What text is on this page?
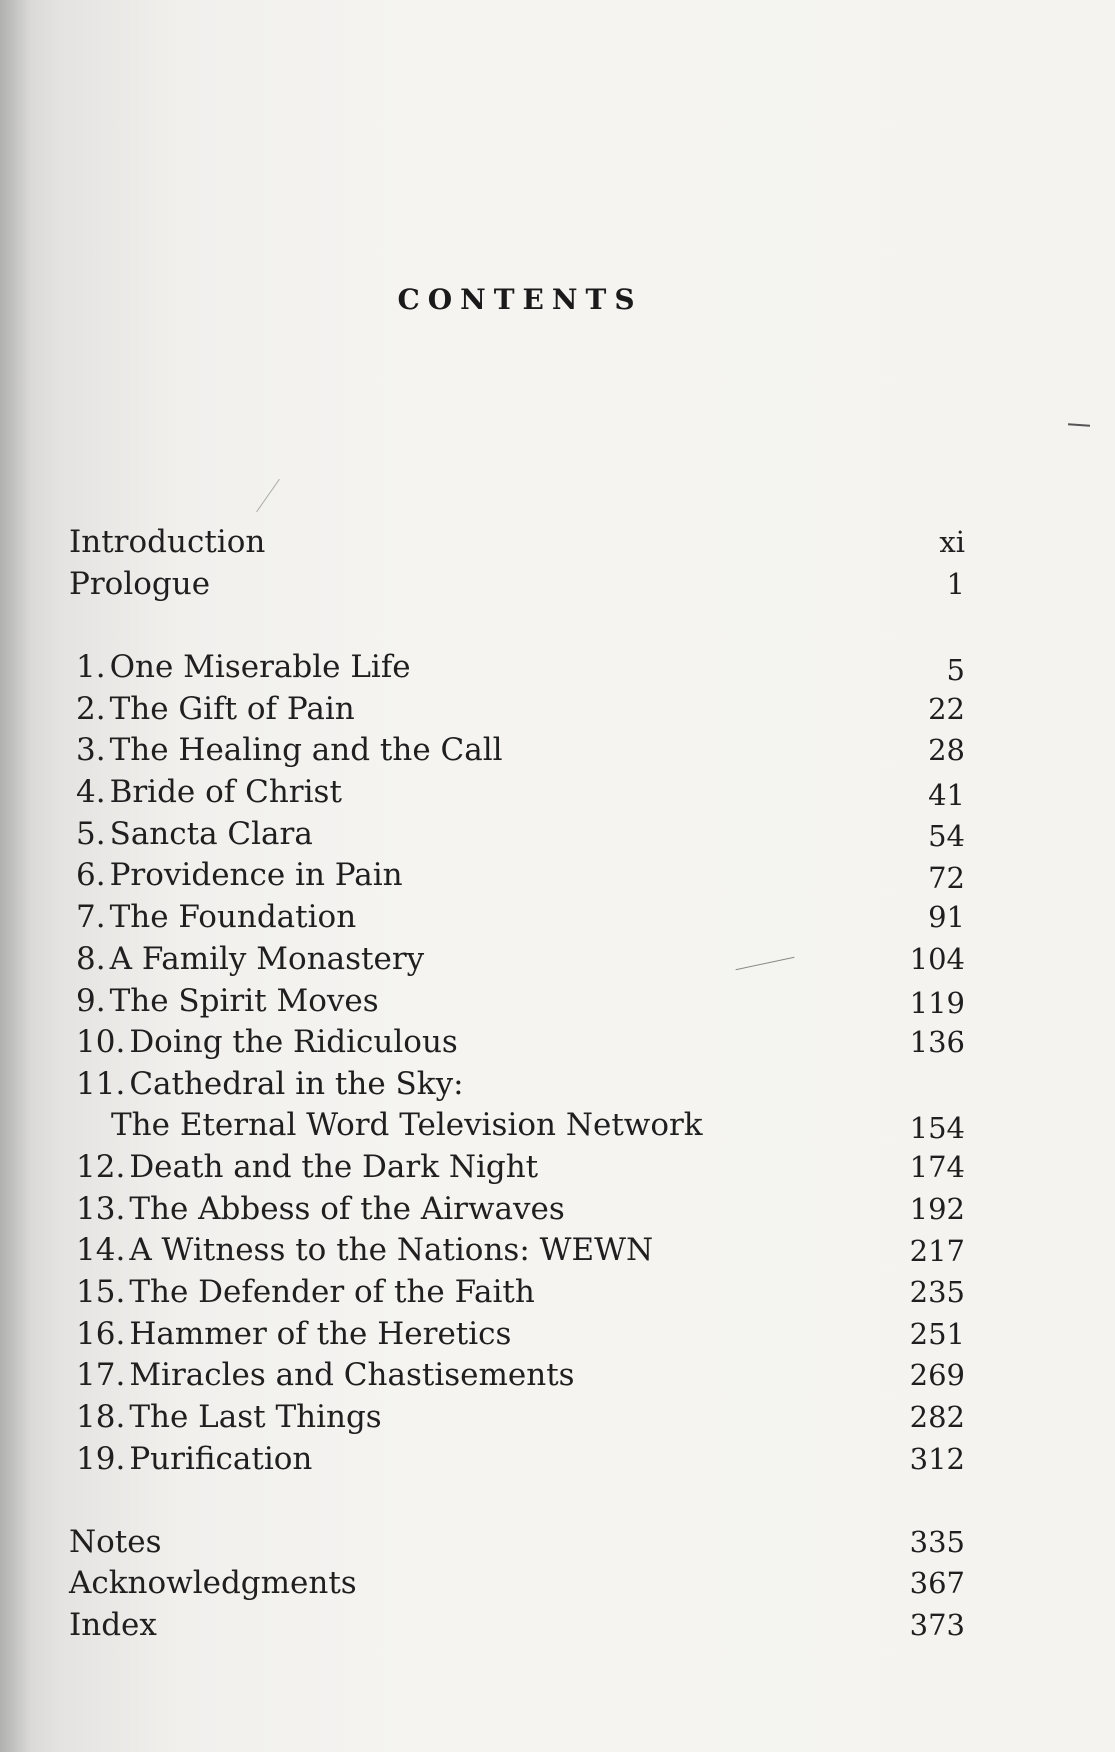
CONTENTS
Introduction	xi
Prologue	1
1. One Miserable Life	5
2. The Gift of Pain	22
3. The Healing and the Call	28
4. Bride of Christ	41
5. Sancta Clara	54
6. Providence in Pain	72
7. The Foundation	91
8. A Family Monastery	104
9. The Spirit Moves	119
10. Doing the Ridiculous	136
11. Cathedral in the Sky:
The Eternal Word Television Network	154
12. Death and the Dark Night	174
13. The Abbess of the Airwaves	192
14. A Witness to the Nations: WEWN	217
15. The Defender of the Faith	235
16. Hammer of the Heretics	251
17. Miracles and Chastisements	269
18. The Last Things	282
19. Purification	312
Notes	335
Acknowledgments	367
Index	373
